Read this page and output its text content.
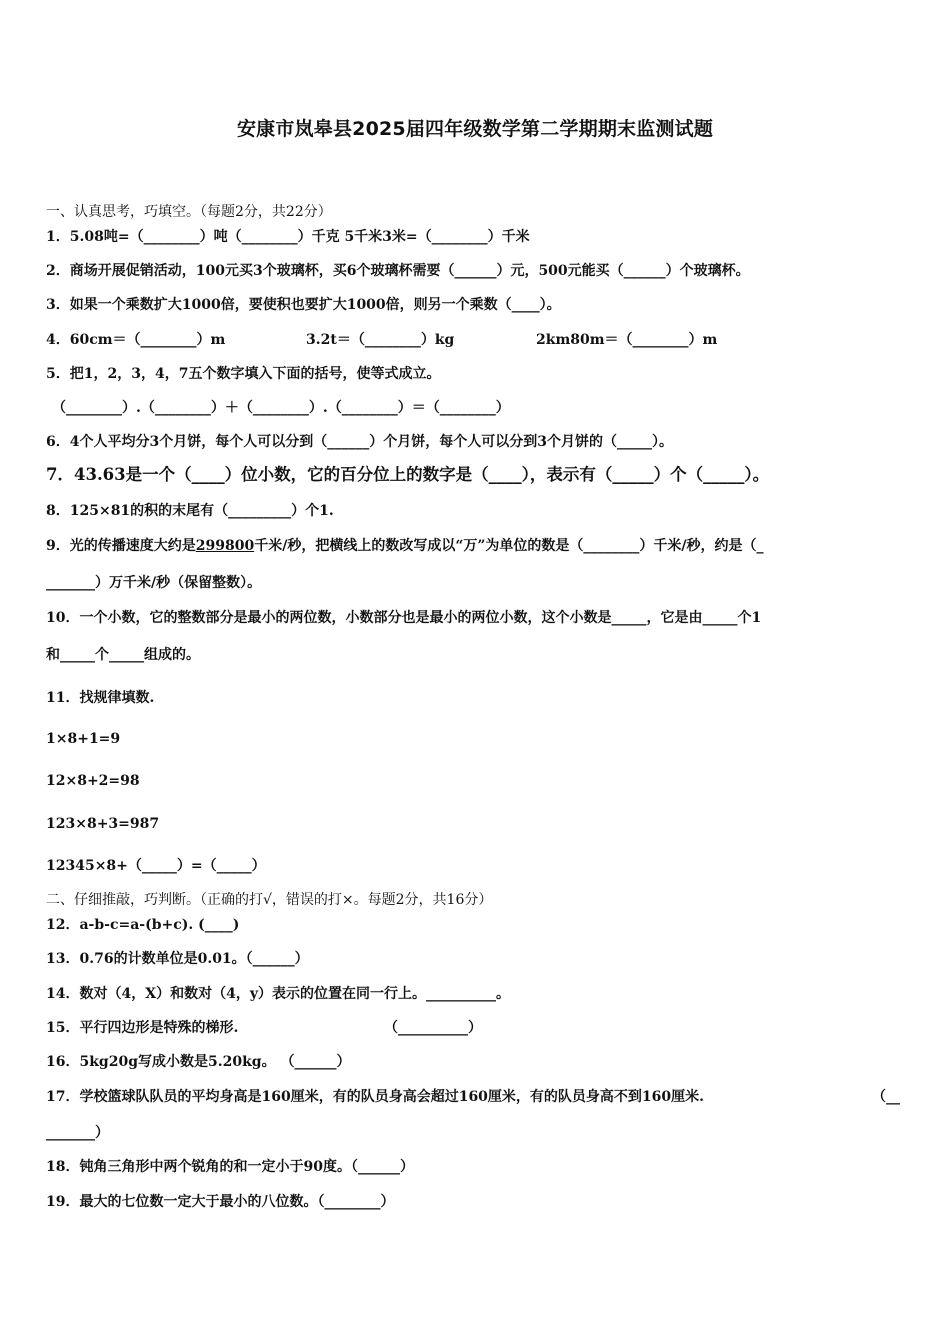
安康市岚皋县2025届四年级数学第二学期期末监测试题
一、认真思考，巧填空。（每题2分，共22分）
1．5.08吨=（________）吨（________）千克 5千米3米=（________）千米
2．商场开展促销活动，100元买3个玻璃杯，买6个玻璃杯需要（______）元，500元能买（______）个玻璃杯。
3．如果一个乘数扩大1000倍，要使积也要扩大1000倍，则另一个乘数（____）。
4．60cm＝（________）m	3.2t＝（________）kg	2km80m＝（________）m
5．把1，2，3，4，7五个数字填入下面的括号，使等式成立。
（________）.（________）＋（________）.（________）＝（________）
6．4个人平均分3个月饼，每个人可以分到（______）个月饼，每个人可以分到3个月饼的（_____）。
7．43.63是一个（____）位小数，它的百分位上的数字是（____），表示有（_____）个（_____）。
8．125×81的积的末尾有（_________）个1.
9．光的传播速度大约是299800千米/秒，把横线上的数改写成以“万”为单位的数是（________）千米/秒，约是（_
_______）万千米/秒（保留整数）。
10．一个小数，它的整数部分是最小的两位数，小数部分也是最小的两位小数，这个小数是_____，它是由_____个1
和_____个_____组成的。
11．找规律填数.
1×8+1=9
12×8+2=98
123×8+3=987
12345×8+（_____）=（_____）
二、仔细推敲，巧判断。（正确的打√，错误的打×。每题2分，共16分）
12．a-b-c=a-(b+c). (____)
13．0.76的计数单位是0.01。（______）
14．数对（4，X）和数对（4，y）表示的位置在同一行上。__________。
15．平行四边形是特殊的梯形.	（__________）
16．5kg20g写成小数是5.20kg。 （______）
17．学校篮球队队员的平均身高是160厘米，有的队员身高会超过160厘米，有的队员身高不到160厘米.	（__
_______）
18．钝角三角形中两个锐角的和一定小于90度。（______）
19．最大的七位数一定大于最小的八位数。（________）
